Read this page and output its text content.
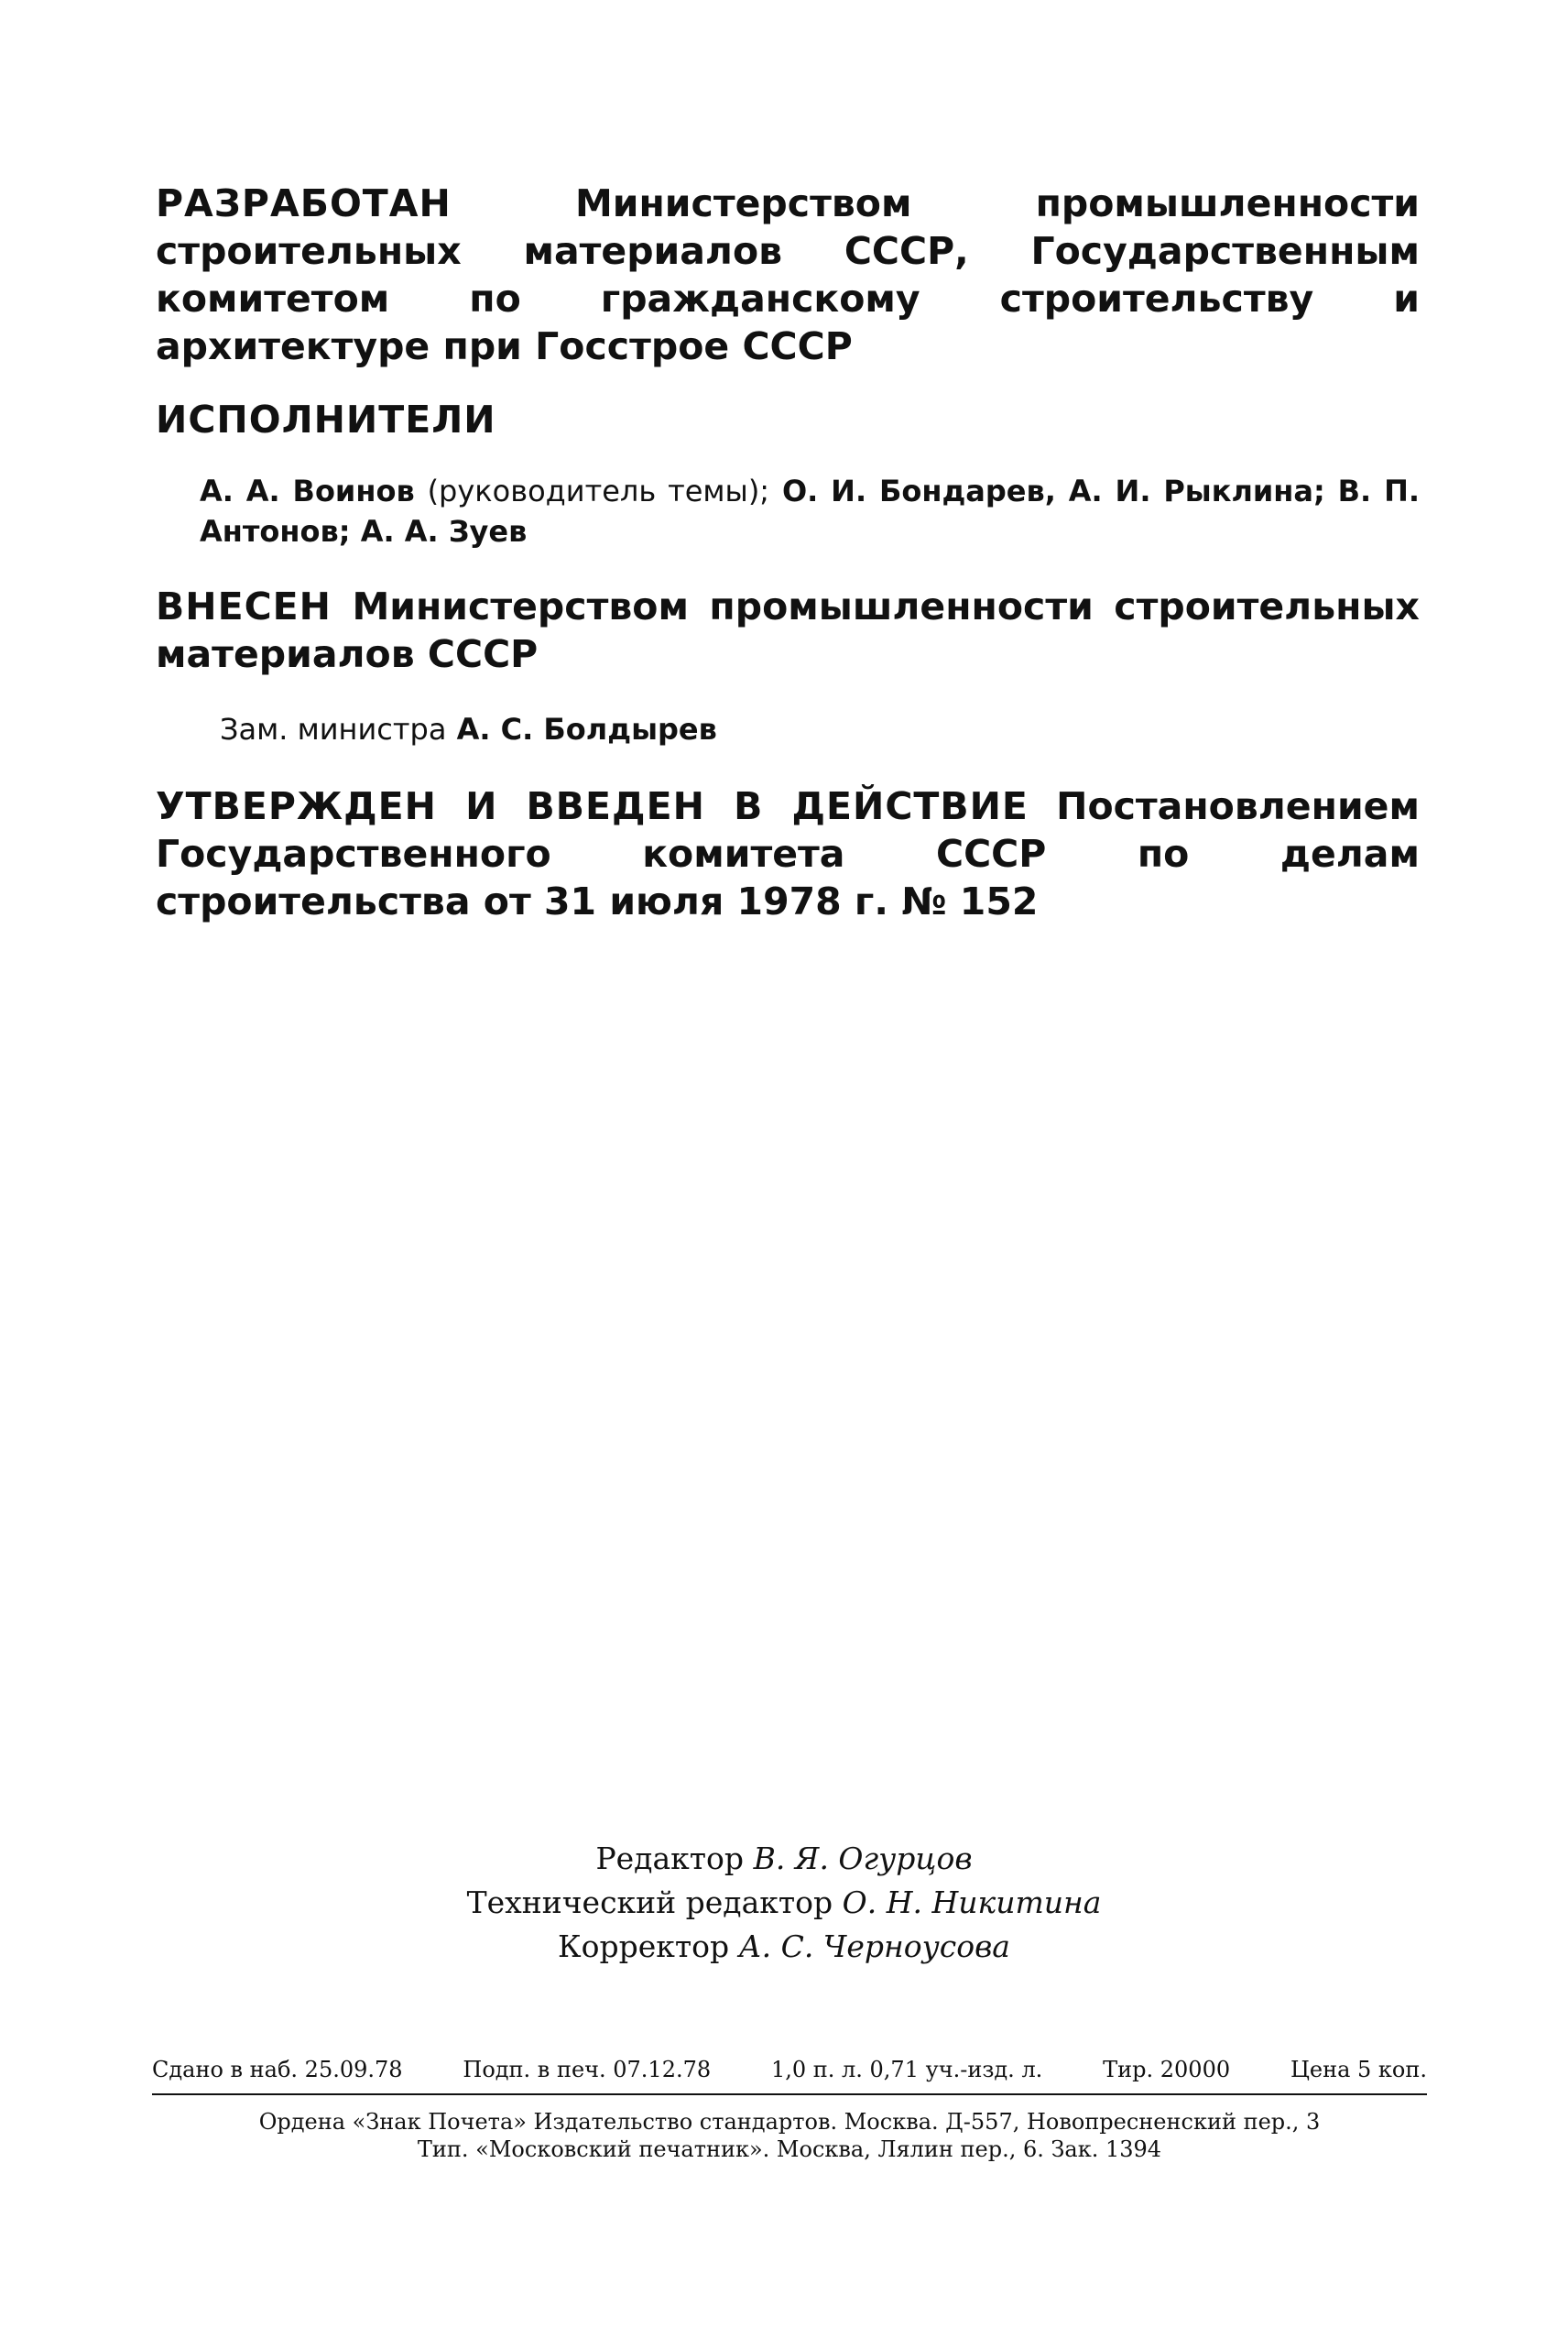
РАЗРАБОТАН	Министерством промышленности строительных материалов СССР, Государственным комитетом по гражданскому строительству и архитектуре при Госстрое СССР

ИСПОЛНИТЕЛИ

А. А. Воинов (руководитель темы); О. И. Бондарев, А. И. Рыклина; В. П. Антонов; А. А. Зуев

ВНЕСЕН Министерством промышленности строительных материалов СССР

Зам. министра А. С. Болдырев

УТВЕРЖДЕН И ВВЕДЕН В ДЕЙСТВИЕ Постановлением Государственного комитета СССР по делам строительства от 31 июля 1978 г. № 152

Редактор В. Я. Огурцов
Технический редактор О. Н. Никитина
Корректор А. С. Черноусова
Сдано в наб. 25.09.78	Подп. в печ. 07.12.78	1,0 п. л. 0,71 уч.-изд. л.	Тир. 20000	Цена 5 коп.
Ордена «Знак Почета» Издательство стандартов. Москва. Д-557, Новопресненский пер., 3
Тип. «Московский печатник». Москва, Лялин пер., 6. Зак. 1394
